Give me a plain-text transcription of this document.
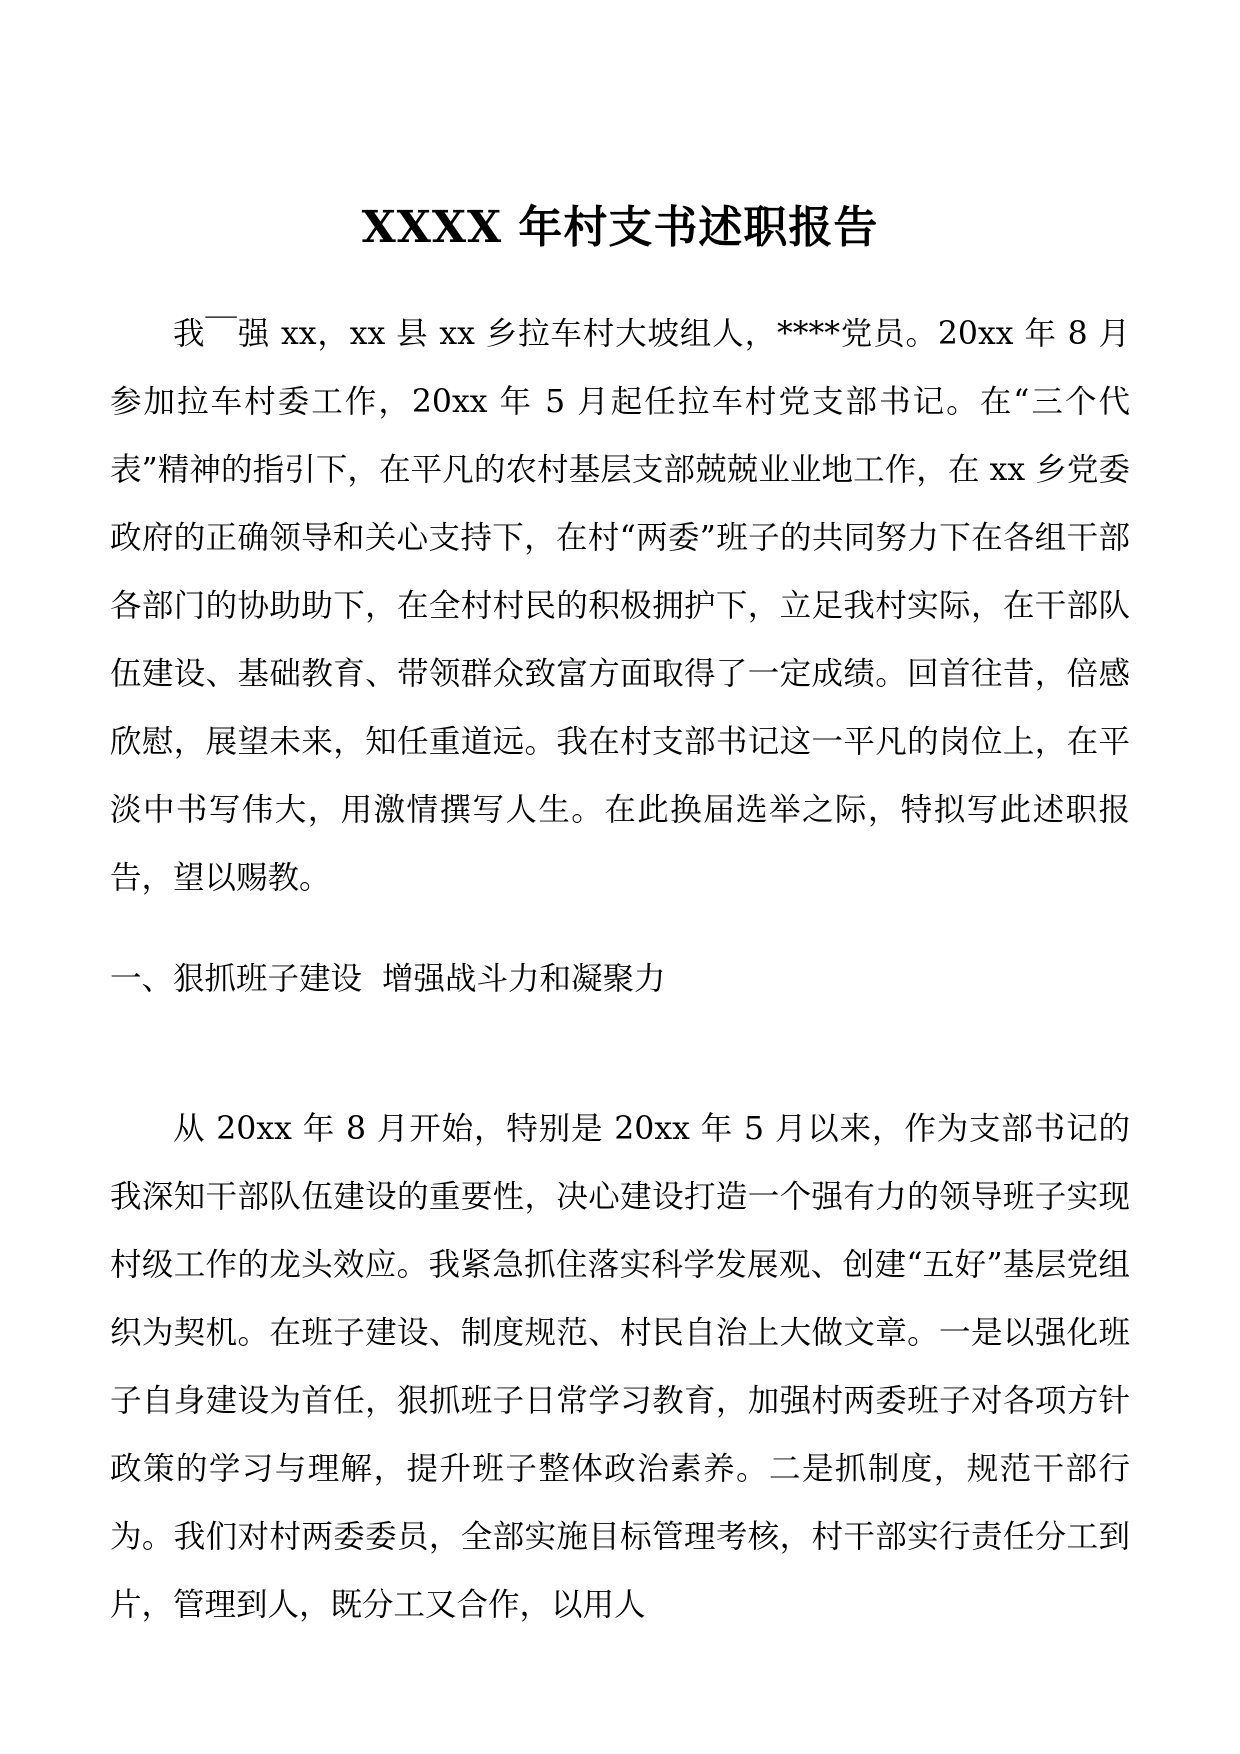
XXXX 年村支书述职报告

我￣强 xx，xx 县 xx 乡拉车村大坡组人，****党员。20xx 年 8 月参加拉车村委工作，20xx 年 5 月起任拉车村党支部书记。在“三个代表”精神的指引下，在平凡的农村基层支部兢兢业业地工作，在 xx 乡党委政府的正确领导和关心支持下，在村“两委”班子的共同努力下在各组干部各部门的协助助下，在全村村民的积极拥护下，立足我村实际，在干部队伍建设、基础教育、带领群众致富方面取得了一定成绩。回首往昔，倍感欣慰，展望未来，知任重道远。我在村支部书记这一平凡的岗位上，在平淡中书写伟大，用激情撰写人生。在此换届选举之际，特拟写此述职报告，望以赐教。

一、狠抓班子建设  增强战斗力和凝聚力

从 20xx 年 8 月开始，特别是 20xx 年 5 月以来，作为支部书记的我深知干部队伍建设的重要性，决心建设打造一个强有力的领导班子实现村级工作的龙头效应。我紧急抓住落实科学发展观、创建“五好”基层党组织为契机。在班子建设、制度规范、村民自治上大做文章。一是以强化班子自身建设为首任，狠抓班子日常学习教育，加强村两委班子对各项方针政策的学习与理解，提升班子整体政治素养。二是抓制度，规范干部行为。我们对村两委委员，全部实施目标管理考核，村干部实行责任分工到片，管理到人，既分工又合作，以用人
